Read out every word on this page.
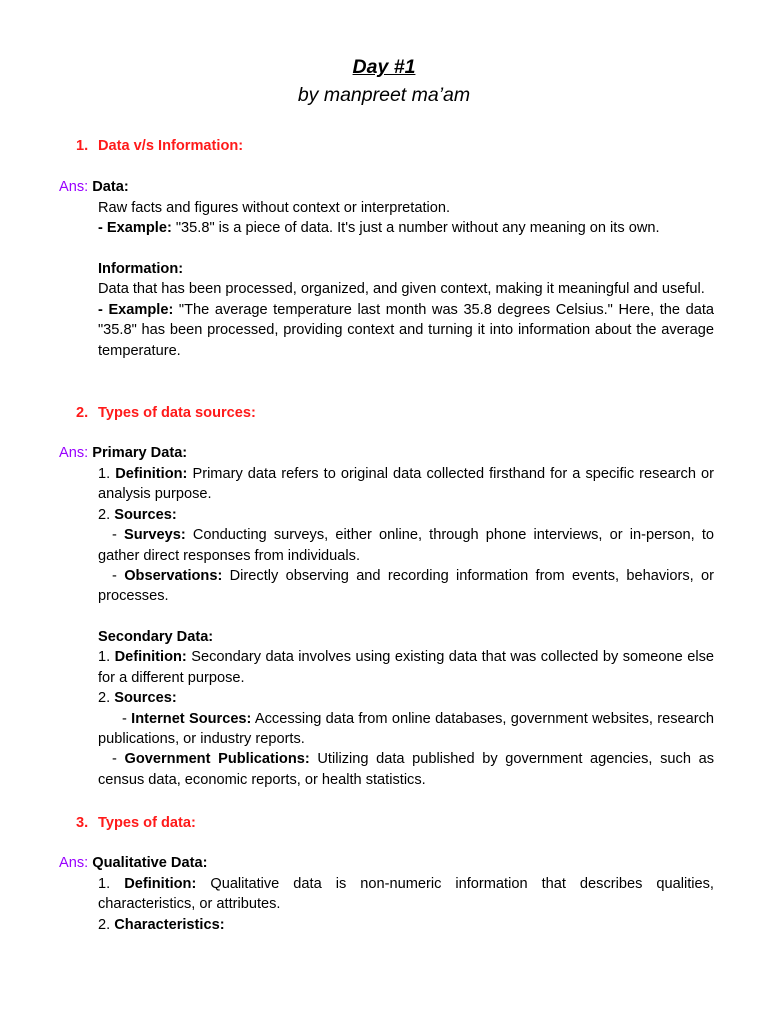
Day #1
by manpreet ma’am
1. Data v/s Information:
Ans: Data:

Raw facts and figures without context or interpretation.

- Example: "35.8" is a piece of data. It's just a number without any meaning on its own.

Information:

Data that has been processed, organized, and given context, making it meaningful and useful.

- Example: "The average temperature last month was 35.8 degrees Celsius." Here, the data "35.8" has been processed, providing context and turning it into information about the average temperature.

2. Types of data sources:
Ans: Primary Data:

1. Definition: Primary data refers to original data collected firsthand for a specific research or analysis purpose.

2. Sources:

- Surveys: Conducting surveys, either online, through phone interviews, or in-person, to gather direct responses from individuals.

- Observations: Directly observing and recording information from events, behaviors, or processes.

Secondary Data:

1. Definition: Secondary data involves using existing data that was collected by someone else for a different purpose.

2. Sources:

- Internet Sources: Accessing data from online databases, government websites, research publications, or industry reports.

- Government Publications: Utilizing data published by government agencies, such as census data, economic reports, or health statistics.

3. Types of data:
Ans: Qualitative Data:

1. Definition: Qualitative data is non-numeric information that describes qualities, characteristics, or attributes.

2. Characteristics:
